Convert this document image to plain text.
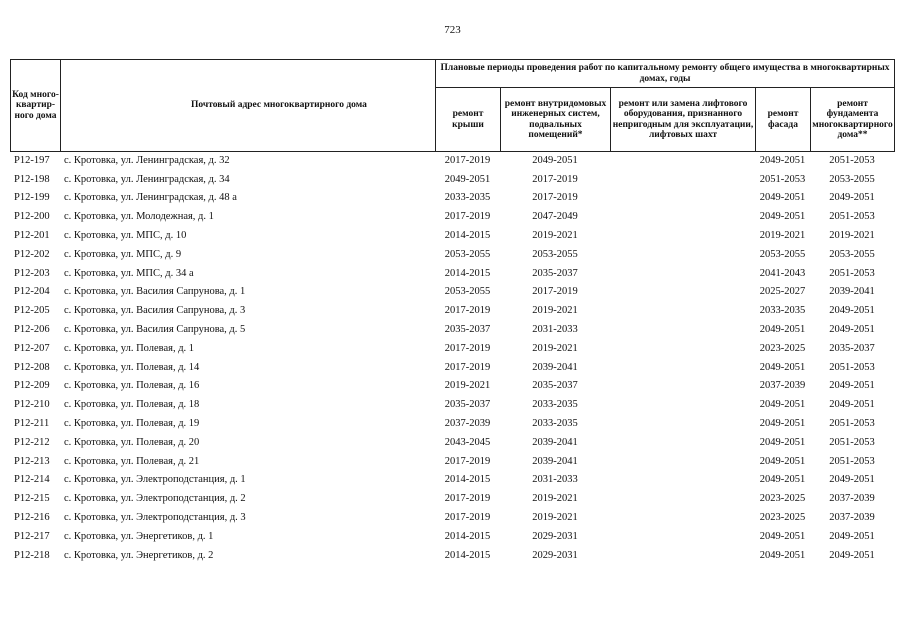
723
Код много-квартир-ного дома	Почтовый адрес многоквартирного дома	Плановые периоды проведения работ по капитальному ремонту общего имущества в многоквартирных домах, годы				
		ремонт крыши	ремонт внутридомовых инженерных систем, подвальных помещений*	ремонт или замена лифтового оборудования, признанного непригодным для эксплуатации, лифтовых шахт	ремонт фасада	ремонт фундамента многоквартирного дома**
Р12-197	с. Кротовка, ул. Ленинградская, д. 32	2017-2019	2049-2051		2049-2051	2051-2053
Р12-198	с. Кротовка, ул. Ленинградская, д. 34	2049-2051	2017-2019		2051-2053	2053-2055
Р12-199	с. Кротовка, ул. Ленинградская, д. 48 а	2033-2035	2017-2019		2049-2051	2049-2051
Р12-200	с. Кротовка, ул. Молодежная, д. 1	2017-2019	2047-2049		2049-2051	2051-2053
Р12-201	с. Кротовка, ул. МПС, д. 10	2014-2015	2019-2021		2019-2021	2019-2021
Р12-202	с. Кротовка, ул. МПС, д. 9	2053-2055	2053-2055		2053-2055	2053-2055
Р12-203	с. Кротовка, ул. МПС, д. 34 а	2014-2015	2035-2037		2041-2043	2051-2053
Р12-204	с. Кротовка, ул. Василия Сапрунова, д. 1	2053-2055	2017-2019		2025-2027	2039-2041
Р12-205	с. Кротовка, ул. Василия Сапрунова, д. 3	2017-2019	2019-2021		2033-2035	2049-2051
Р12-206	с. Кротовка, ул. Василия Сапрунова, д. 5	2035-2037	2031-2033		2049-2051	2049-2051
Р12-207	с. Кротовка, ул. Полевая, д. 1	2017-2019	2019-2021		2023-2025	2035-2037
Р12-208	с. Кротовка, ул. Полевая, д. 14	2017-2019	2039-2041		2049-2051	2051-2053
Р12-209	с. Кротовка, ул. Полевая, д. 16	2019-2021	2035-2037		2037-2039	2049-2051
Р12-210	с. Кротовка, ул. Полевая, д. 18	2035-2037	2033-2035		2049-2051	2049-2051
Р12-211	с. Кротовка, ул. Полевая, д. 19	2037-2039	2033-2035		2049-2051	2051-2053
Р12-212	с. Кротовка, ул. Полевая, д. 20	2043-2045	2039-2041		2049-2051	2051-2053
Р12-213	с. Кротовка, ул. Полевая, д. 21	2017-2019	2039-2041		2049-2051	2051-2053
Р12-214	с. Кротовка, ул. Электроподстанция, д. 1	2014-2015	2031-2033		2049-2051	2049-2051
Р12-215	с. Кротовка, ул. Электроподстанция, д. 2	2017-2019	2019-2021		2023-2025	2037-2039
Р12-216	с. Кротовка, ул. Электроподстанция, д. 3	2017-2019	2019-2021		2023-2025	2037-2039
Р12-217	с. Кротовка, ул. Энергетиков, д. 1	2014-2015	2029-2031		2049-2051	2049-2051
Р12-218	с. Кротовка, ул. Энергетиков, д. 2	2014-2015	2029-2031		2049-2051	2049-2051
